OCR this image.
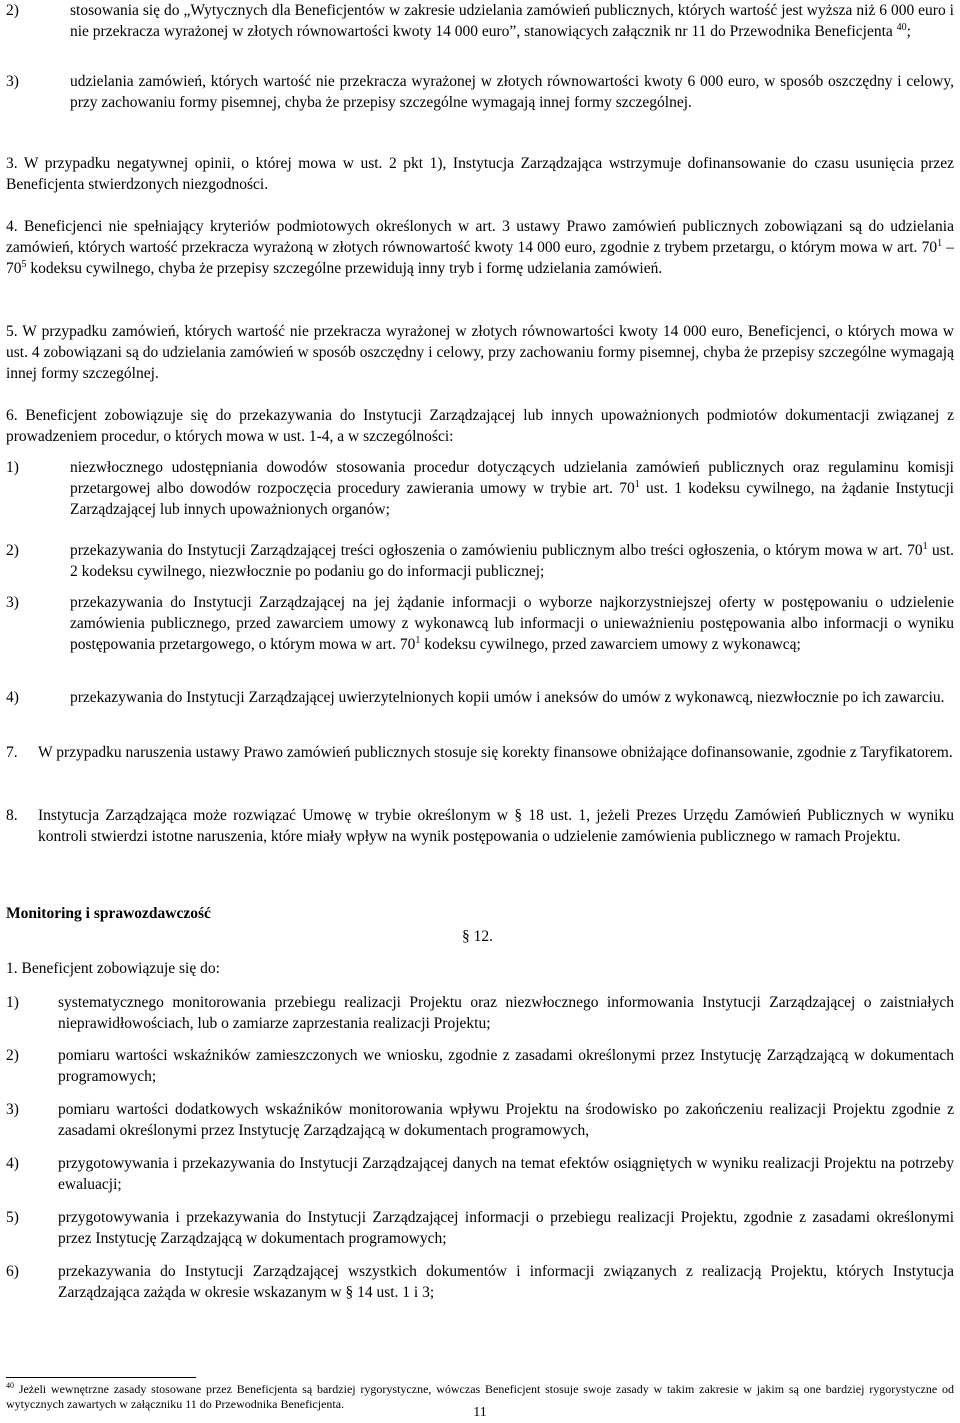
2)	stosowania się do „Wytycznych dla Beneficjentów w zakresie udzielania zamówień publicznych, których wartość jest wyższa niż 6 000 euro i nie przekracza wyrażonej w złotych równowartości kwoty 14 000 euro”, stanowiących załącznik nr 11 do Przewodnika Beneficjenta $^{40}$;
3)	udzielania zamówień, których wartość nie przekracza wyrażonej w złotych równowartości kwoty 6 000 euro, w sposób oszczędny i celowy, przy zachowaniu formy pisemnej, chyba że przepisy szczególne wymagają innej formy szczególnej.
3. W przypadku negatywnej opinii, o której mowa w ust. 2 pkt 1), Instytucja Zarządzająca wstrzymuje dofinansowanie do czasu usunięcia przez Beneficjenta stwierdzonych niezgodności.
4. Beneficjenci nie spełniający kryteriów podmiotowych określonych w art. 3 ustawy Prawo zamówień publicznych zobowiązani są do udzielania zamówień, których wartość przekracza wyrażoną w złotych równowartość kwoty 14 000 euro, zgodnie z trybem przetargu, o którym mowa w art. $70^1 - 70^5$ kodeksu cywilnego, chyba że przepisy szczególne przewidują inny tryb i formę udzielania zamówień.
5. W przypadku zamówień, których wartość nie przekracza wyrażonej w złotych równowartości kwoty 14 000 euro, Beneficjenci, o których mowa w ust. 4 zobowiązani są do udzielania zamówień w sposób oszczędny i celowy, przy zachowaniu formy pisemnej, chyba że przepisy szczególne wymagają innej formy szczególnej.
6. Beneficjent zobowiązuje się do przekazywania do Instytucji Zarządzającej lub innych upoważnionych podmiotów dokumentacji związanej z prowadzeniem procedur, o których mowa w ust. 1-4, a w szczególności:
1)	niezwłocznego udostępniania dowodów stosowania procedur dotyczących udzielania zamówień publicznych oraz regulaminu komisji przetargowej albo dowodów rozpoczęcia procedury zawierania umowy w trybie art. $70^1$ ust. 1 kodeksu cywilnego, na żądanie Instytucji Zarządzającej lub innych upoważnionych organów;
2)	przekazywania do Instytucji Zarządzającej treści ogłoszenia o zamówieniu publicznym albo treści ogłoszenia, o którym mowa w art. $70^1$ ust. 2 kodeksu cywilnego, niezwłocznie po podaniu go do informacji publicznej;
3)	przekazywania do Instytucji Zarządzającej na jej żądanie informacji o wyborze najkorzystniejszej oferty w postępowaniu o udzielenie zamówienia publicznego, przed zawarciem umowy z wykonawcą lub informacji o unieważnieniu postępowania albo informacji o wyniku postępowania przetargowego, o którym mowa w art. $70^1$ kodeksu cywilnego, przed zawarciem umowy z wykonawcą;
4)	przekazywania do Instytucji Zarządzającej uwierzytelnionych kopii umów i aneksów do umów z wykonawcą, niezwłocznie po ich zawarciu.
7. W przypadku naruszenia ustawy Prawo zamówień publicznych stosuje się korekty finansowe obniżające dofinansowanie, zgodnie z Taryfikatorem.
8. Instytucja Zarządzająca może rozwiązać Umowę w trybie określonym w § 18 ust. 1, jeżeli Prezes Urzędu Zamówień Publicznych w wyniku kontroli stwierdzi istotne naruszenia, które miały wpływ na wynik postępowania o udzielenie zamówienia publicznego w ramach Projektu.
Monitoring i sprawozdawczość
§ 12.
1. Beneficjent zobowiązuje się do:
1)	systematycznego monitorowania przebiegu realizacji Projektu oraz niezwłocznego informowania Instytucji Zarządzającej o zaistniałych nieprawidłowościach, lub o zamiarze zaprzestania realizacji Projektu;
2)	pomiaru wartości wskaźników zamieszczonych we wniosku, zgodnie z zasadami określonymi przez Instytucję Zarządzającą w dokumentach programowych;
3)	pomiaru wartości dodatkowych wskaźników monitorowania wpływu Projektu na środowisko po zakończeniu realizacji Projektu zgodnie z zasadami określonymi przez Instytucję Zarządzającą w dokumentach programowych,
4)	przygotowywania i przekazywania do Instytucji Zarządzającej danych na temat efektów osiągniętych w wyniku realizacji Projektu na potrzeby ewaluacji;
5)	przygotowywania i przekazywania do Instytucji Zarządzającej informacji o przebiegu realizacji Projektu, zgodnie z zasadami określonymi przez Instytucję Zarządzającą w dokumentach programowych;
6)	przekazywania do Instytucji Zarządzającej wszystkich dokumentów i informacji związanych z realizacją Projektu, których Instytucja Zarządzająca zażąda w okresie wskazanym w § 14 ust. 1 i 3;
$^{40}$ Jeżeli wewnętrzne zasady stosowane przez Beneficjenta są bardziej rygorystyczne, wówczas Beneficjent stosuje swoje zasady w takim zakresie w jakim są one bardziej rygorystyczne od wytycznych zawartych w załączniku 11 do Przewodnika Beneficjenta.
11
